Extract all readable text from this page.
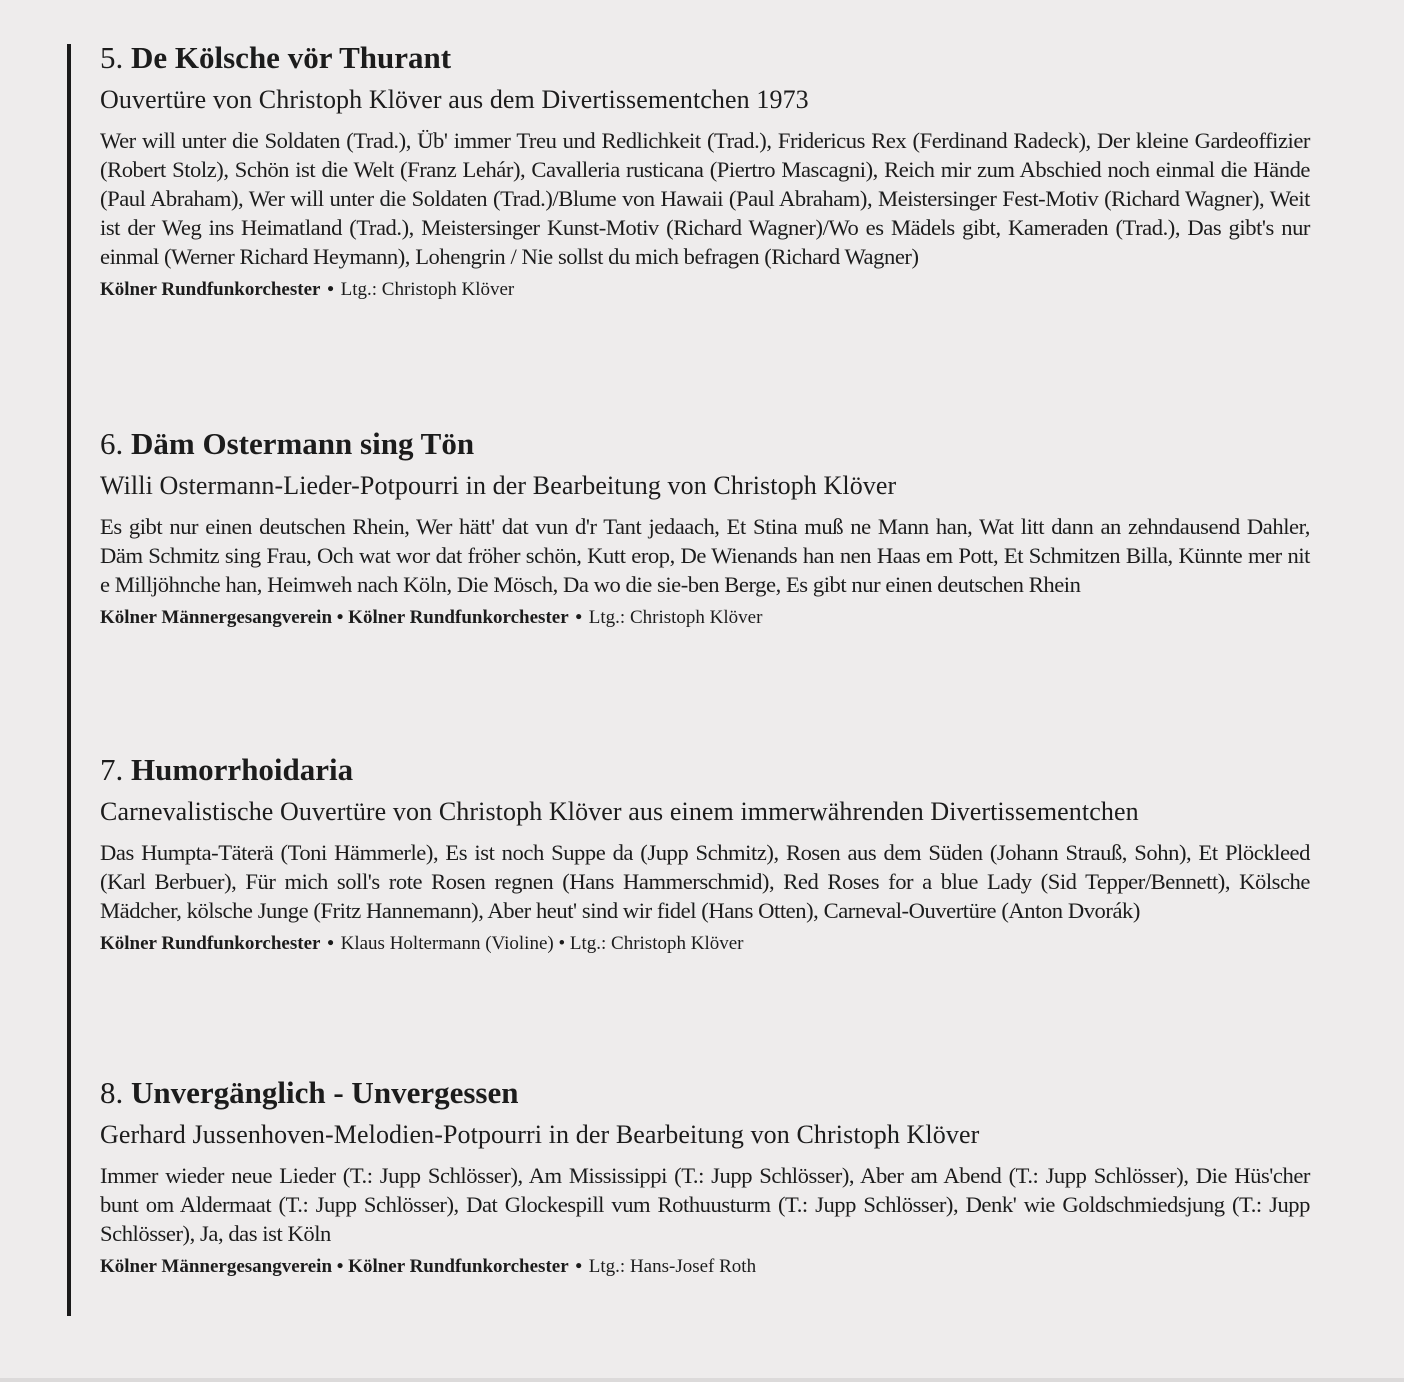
5. De Kölsche vör Thurant

Ouvertüre von Christoph Klöver aus dem Divertissementchen 1973

Wer will unter die Soldaten (Trad.), Üb' immer Treu und Redlichkeit (Trad.), Fridericus Rex (Ferdinand Radeck), Der kleine Gardeoffizier (Robert Stolz), Schön ist die Welt (Franz Lehár), Cavalleria rusticana (Piertro Mascagni), Reich mir zum Abschied noch einmal die Hände (Paul Abraham), Wer will unter die Soldaten (Trad.)/Blume von Hawaii (Paul Abraham), Meistersinger Fest-Motiv (Richard Wagner), Weit ist der Weg ins Heimatland (Trad.), Meistersinger Kunst-Motiv (Richard Wagner)/Wo es Mädels gibt, Kameraden (Trad.), Das gibt's nur einmal (Werner Richard Heymann), Lohengrin / Nie sollst du mich befragen (Richard Wagner)

Kölner Rundfunkorchester • Ltg.: Christoph Klöver

6. Däm Ostermann sing Tön

Willi Ostermann-Lieder-Potpourri in der Bearbeitung von Christoph Klöver

Es gibt nur einen deutschen Rhein, Wer hätt' dat vun d'r Tant jedaach, Et Stina muß ne Mann han, Wat litt dann an zehndausend Dahler, Däm Schmitz sing Frau, Och wat wor dat fröher schön, Kutt erop, De Wienands han nen Haas em Pott, Et Schmitzen Billa, Künnte mer nit e Milljöhnche han, Heimweh nach Köln, Die Mösch, Da wo die sie-ben Berge, Es gibt nur einen deutschen Rhein

Kölner Männergesangverein • Kölner Rundfunkorchester • Ltg.: Christoph Klöver

7. Humorrhoidaria

Carnevalistische Ouvertüre von Christoph Klöver aus einem immerwährenden Divertissementchen

Das Humpta-Täterä (Toni Hämmerle), Es ist noch Suppe da (Jupp Schmitz), Rosen aus dem Süden (Johann Strauß, Sohn), Et Plöckleed (Karl Berbuer), Für mich soll's rote Rosen regnen (Hans Hammerschmid), Red Roses for a blue Lady (Sid Tepper/Bennett), Kölsche Mädcher, kölsche Junge (Fritz Hannemann), Aber heut' sind wir fidel (Hans Otten), Carneval-Ouvertüre (Anton Dvorák)

Kölner Rundfunkorchester • Klaus Holtermann (Violine) • Ltg.: Christoph Klöver

8. Unvergänglich - Unvergessen

Gerhard Jussenhoven-Melodien-Potpourri in der Bearbeitung von Christoph Klöver

Immer wieder neue Lieder (T.: Jupp Schlösser), Am Mississippi (T.: Jupp Schlösser), Aber am Abend (T.: Jupp Schlösser), Die Hüs'cher bunt om Aldermaat (T.: Jupp Schlösser), Dat Glockespill vum Rothuusturm (T.: Jupp Schlösser), Denk' wie Goldschmiedsjung (T.: Jupp Schlösser), Ja, das ist Köln

Kölner Männergesangverein • Kölner Rundfunkorchester • Ltg.: Hans-Josef Roth
